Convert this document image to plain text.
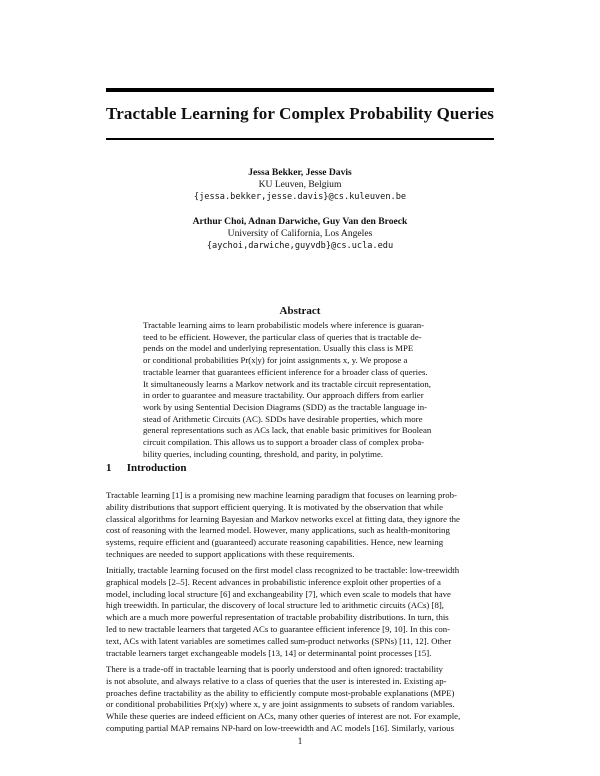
Tractable Learning for Complex Probability Queries
Jessa Bekker, Jesse Davis
KU Leuven, Belgium
{jessa.bekker,jesse.davis}@cs.kuleuven.be
Arthur Choi, Adnan Darwiche, Guy Van den Broeck
University of California, Los Angeles
{aychoi,darwiche,guyvdb}@cs.ucla.edu
Abstract
Tractable learning aims to learn probabilistic models where inference is guaran-
teed to be efficient. However, the particular class of queries that is tractable de-
pends on the model and underlying representation. Usually this class is MPE
or conditional probabilities Pr(x|y) for joint assignments x, y. We propose a
tractable learner that guarantees efficient inference for a broader class of queries.
It simultaneously learns a Markov network and its tractable circuit representation,
in order to guarantee and measure tractability. Our approach differs from earlier
work by using Sentential Decision Diagrams (SDD) as the tractable language in-
stead of Arithmetic Circuits (AC). SDDs have desirable properties, which more
general representations such as ACs lack, that enable basic primitives for Boolean
circuit compilation. This allows us to support a broader class of complex proba-
bility queries, including counting, threshold, and parity, in polytime.
1 Introduction
Tractable learning [1] is a promising new machine learning paradigm that focuses on learning prob-
ability distributions that support efficient querying. It is motivated by the observation that while
classical algorithms for learning Bayesian and Markov networks excel at fitting data, they ignore the
cost of reasoning with the learned model. However, many applications, such as health-monitoring
systems, require efficient and (guaranteed) accurate reasoning capabilities. Hence, new learning
techniques are needed to support applications with these requirements.
Initially, tractable learning focused on the first model class recognized to be tractable: low-treewidth
graphical models [2–5]. Recent advances in probabilistic inference exploit other properties of a
model, including local structure [6] and exchangeability [7], which even scale to models that have
high treewidth. In particular, the discovery of local structure led to arithmetic circuits (ACs) [8],
which are a much more powerful representation of tractable probability distributions. In turn, this
led to new tractable learners that targeted ACs to guarantee efficient inference [9, 10]. In this con-
text, ACs with latent variables are sometimes called sum-product networks (SPNs) [11, 12]. Other
tractable learners target exchangeable models [13, 14] or determinantal point processes [15].
There is a trade-off in tractable learning that is poorly understood and often ignored: tractability
is not absolute, and always relative to a class of queries that the user is interested in. Existing ap-
proaches define tractability as the ability to efficiently compute most-probable explanations (MPE)
or conditional probabilities Pr(x|y) where x, y are joint assignments to subsets of random variables.
While these queries are indeed efficient on ACs, many other queries of interest are not. For example,
computing partial MAP remains NP-hard on low-treewidth and AC models [16]. Similarly, various
1
